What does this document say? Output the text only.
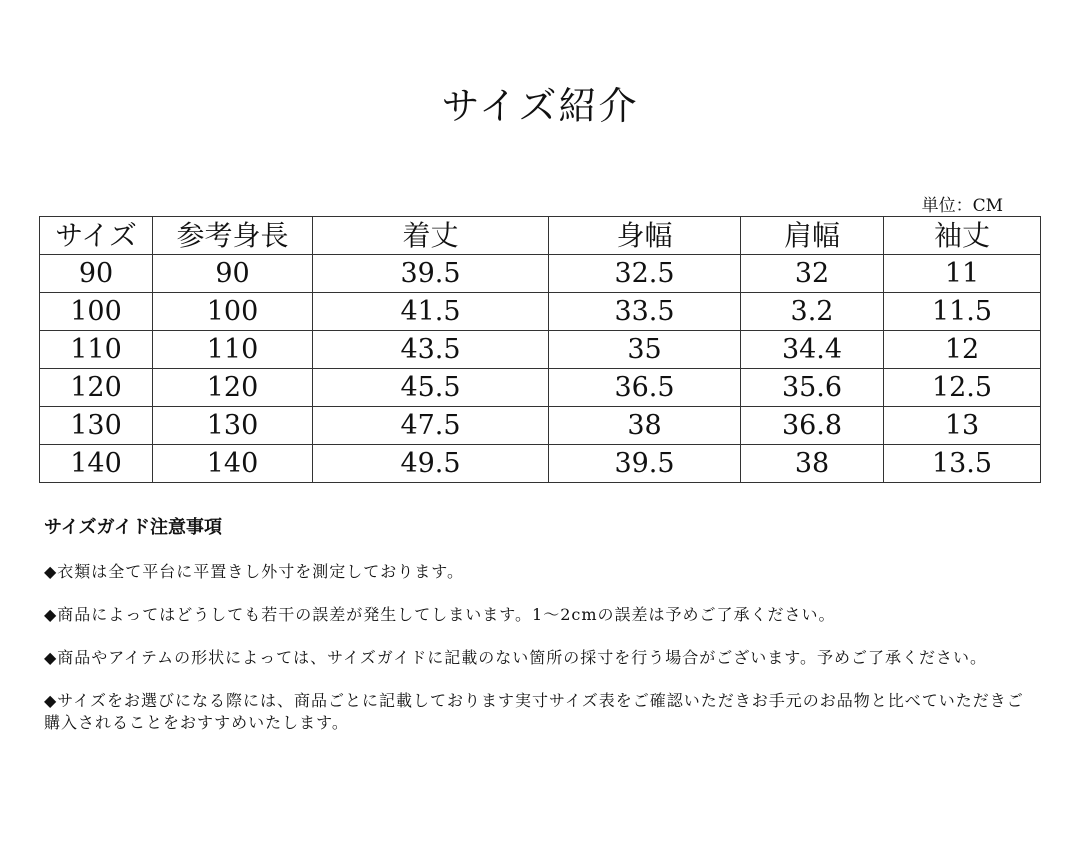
サイズ紹介
単位：CM
サイズ	参考身長	着丈	身幅	肩幅	袖丈
90	90	39.5	32.5	32	11
100	100	41.5	33.5	3.2	11.5
110	110	43.5	35	34.4	12
120	120	45.5	36.5	35.6	12.5
130	130	47.5	38	36.8	13
140	140	49.5	39.5	38	13.5
サイズガイド注意事項

◆衣類は全て平台に平置きし外寸を測定しております。

◆商品によってはどうしても若干の誤差が発生してしまいます。1～2cmの誤差は予めご了承ください。

◆商品やアイテムの形状によっては、サイズガイドに記載のない箇所の採寸を行う場合がございます。予めご了承ください。

◆サイズをお選びになる際には、商品ごとに記載しております実寸サイズ表をご確認いただきお手元のお品物と比べていただきご購入されることをおすすめいたします。
